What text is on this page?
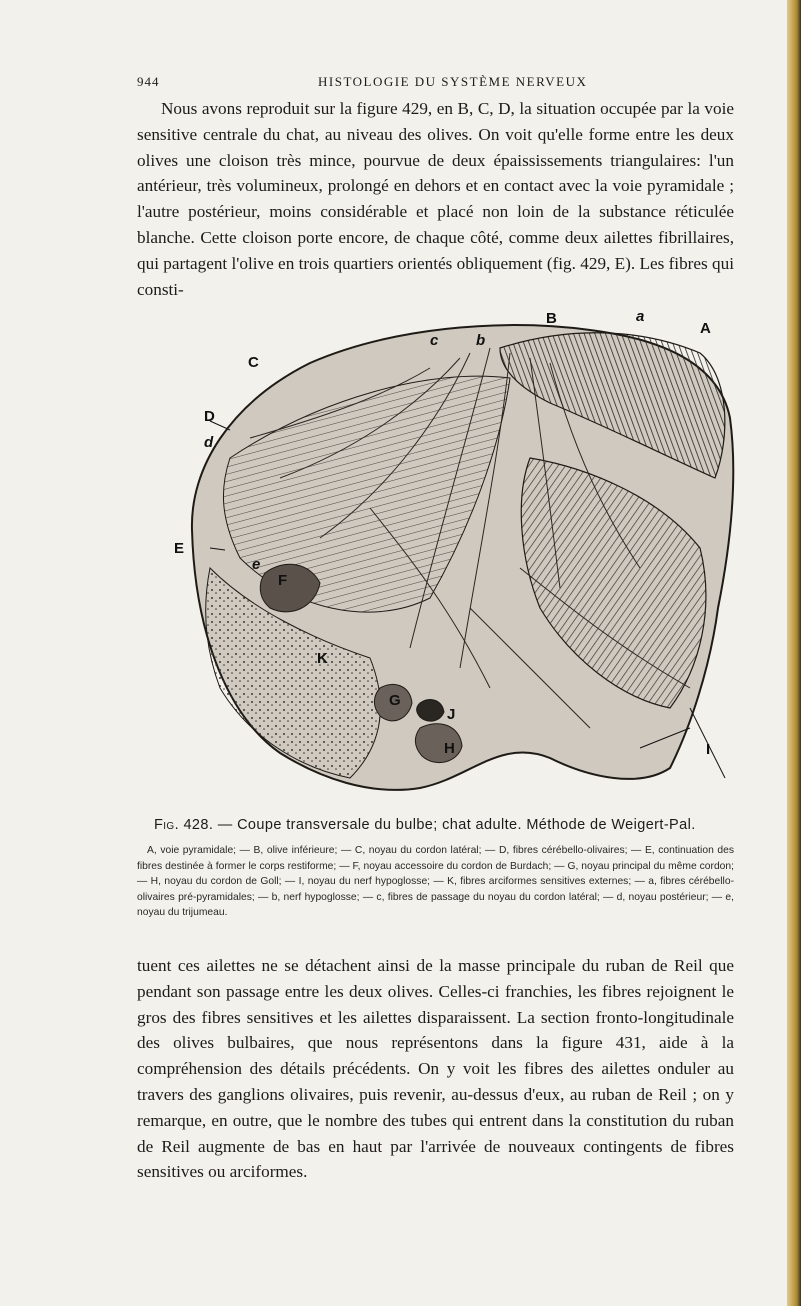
944	HISTOLOGIE DU SYSTÈME NERVEUX

Nous avons reproduit sur la figure 429, en B, C, D, la situation occupée par la voie sensitive centrale du chat, au niveau des olives. On voit qu'elle forme entre les deux olives une cloison très mince, pourvue de deux épaississements triangulaires: l'un antérieur, très volumineux, prolongé en dehors et en contact avec la voie pyramidale ; l'autre postérieur, moins considérable et placé non loin de la substance réticulée blanche. Cette cloison porte encore, de chaque côté, comme deux ailettes fibrillaires, qui partagent l'olive en trois quartiers orientés obliquement (fig. 429, E). Les fibres qui consti-

B
c	b
A
a
C
D
d
E
e
F
K
G
H
J
I
Fig. 428. — Coupe transversale du bulbe; chat adulte. Méthode de Weigert-Pal.

A, voie pyramidale; — B, olive inférieure; — C, noyau du cordon latéral; — D, fibres cérébello-olivaires; — E, continuation des fibres destinée à former le corps restiforme; — F, noyau accessoire du cordon de Burdach; — G, noyau principal du même cordon; — H, noyau du cordon de Goll; — I, noyau du nerf hypoglosse; — K, fibres arciformes sensitives externes; — a, fibres cérébello-olivaires pré-pyramidales; — b, nerf hypoglosse; — c, fibres de passage du noyau du cordon latéral; — d, noyau postérieur; — e, noyau du trijumeau.

tuent ces ailettes ne se détachent ainsi de la masse principale du ruban de Reil que pendant son passage entre les deux olives. Celles-ci franchies, les fibres rejoignent le gros des fibres sensitives et les ailettes disparaissent. La section fronto-longitudinale des olives bulbaires, que nous représentons dans la figure 431, aide à la compréhension des détails précédents. On y voit les fibres des ailettes onduler au travers des ganglions olivaires, puis revenir, au-dessus d'eux, au ruban de Reil ; on y remarque, en outre, que le nombre des tubes qui entrent dans la constitution du ruban de Reil augmente de bas en haut par l'arrivée de nouveaux contingents de fibres sensitives ou arciformes.
